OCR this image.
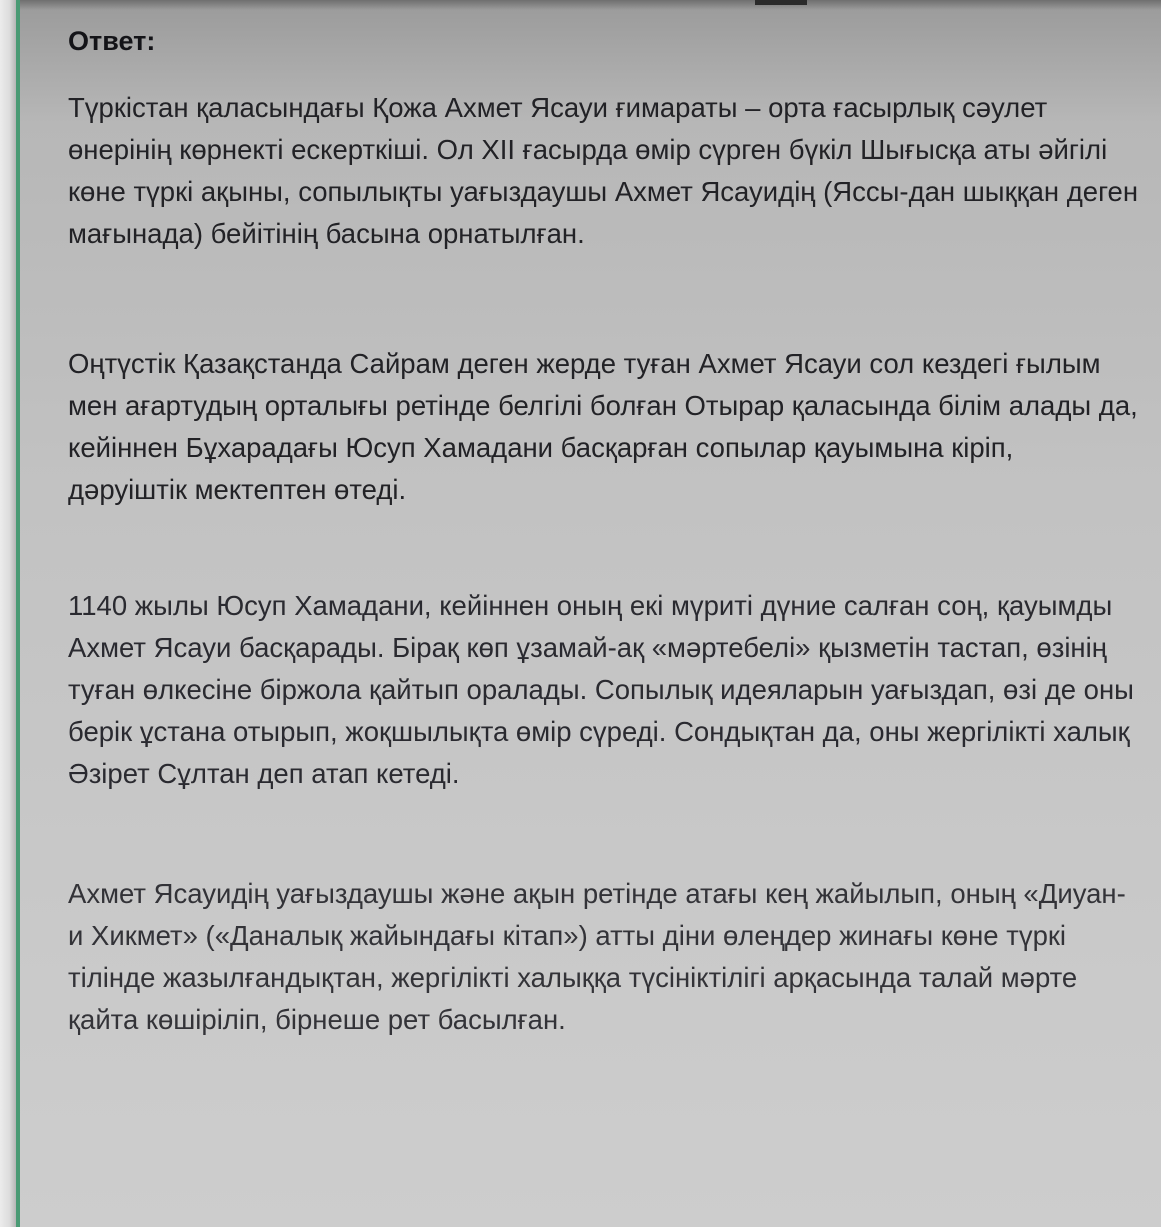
Ответ:

Түркістан қаласындағы Қожа Ахмет Ясауи ғимараты – орта ғасырлық сәулет өнерінің көрнекті ескерткіші. Ол XII ғасырда өмір сүрген бүкіл Шығысқа аты әйгілі көне түркі ақыны, сопылықты уағыздаушы Ахмет Ясауидің (Яссы-дан шыққан деген мағынада) бейітінің басына орнатылған.

Оңтүстік Қазақстанда Сайрам деген жерде туған Ахмет Ясауи сол кездегі ғылым мен ағартудың орталығы ретінде белгілі болған Отырар қаласында білім алады да, кейіннен Бұхарадағы Юсуп Хамадани басқарған сопылар қауымына кіріп, дәруіштік мектептен өтеді.

1140 жылы Юсуп Хамадани, кейіннен оның екі мүриті дүние салған соң, қауымды Ахмет Ясауи басқарады. Бірақ көп ұзамай-ақ «мәртебелі» қызметін тастап, өзінің туған өлкесіне біржола қайтып оралады. Сопылық идеяларын уағыздап, өзі де оны берік ұстана отырып, жоқшылықта өмір сүреді. Сондықтан да, оны жергілікті халық Әзірет Сұлтан деп атап кетеді.

Ахмет Ясауидің уағыздаушы және ақын ретінде атағы кең жайылып, оның «Диуан-и Хикмет» («Даналық жайындағы кітап») атты діни өлеңдер жинағы көне түркі тілінде жазылғандықтан, жергілікті халыққа түсініктілігі арқасында талай мәрте қайта көшіріліп, бірнеше рет басылған.
